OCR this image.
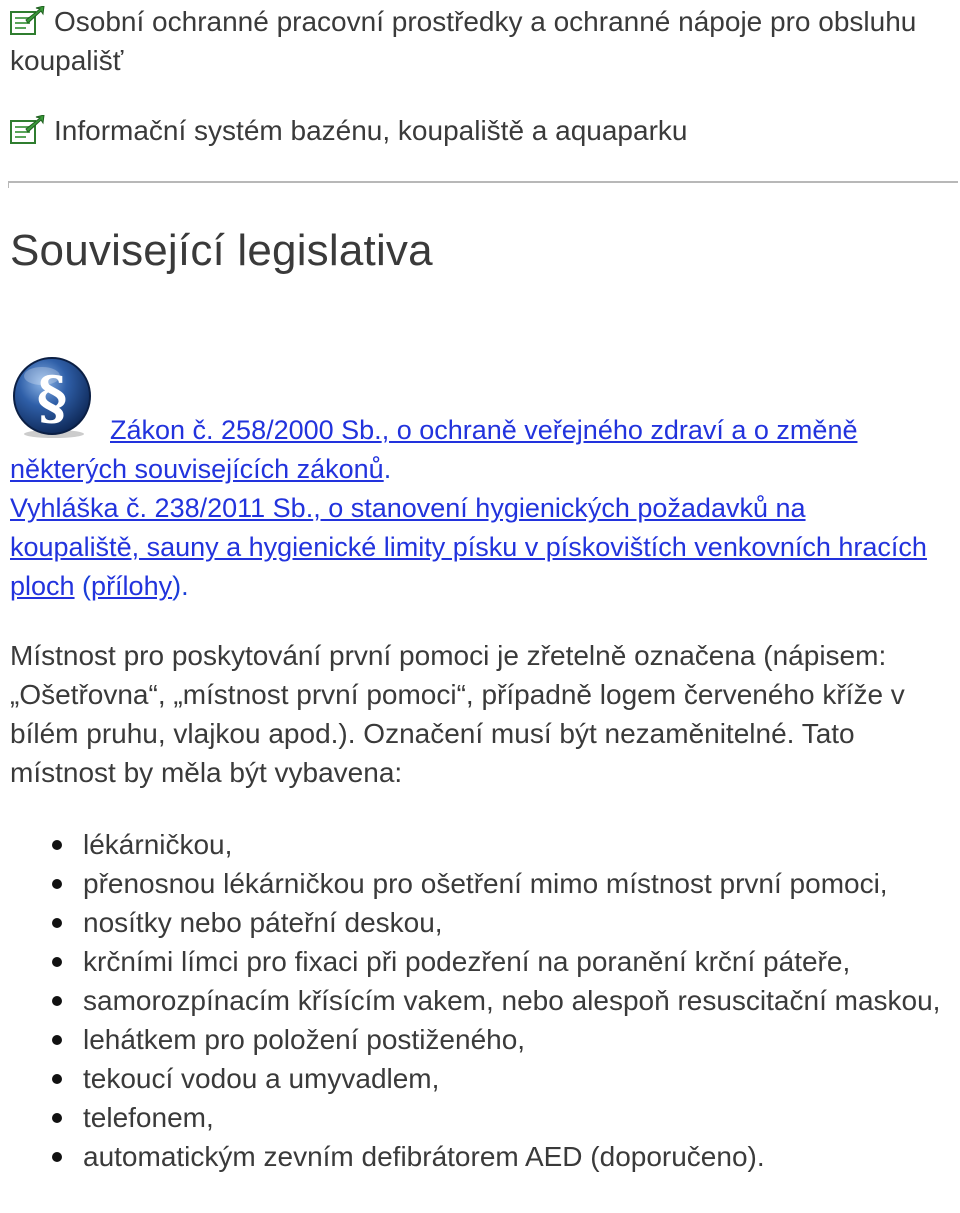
Osobní ochranné pracovní prostředky a ochranné nápoje pro obsluhu koupališť
Informační systém bazénu, koupaliště a aquaparku
Související legislativa
§	Zákon č. 258/2000 Sb., o ochraně veřejného zdraví a o změně některých souvisejících zákonů.
Vyhláška č. 238/2011 Sb., o stanovení hygienických požadavků na koupaliště, sauny a hygienické limity písku v pískovištích venkovních hracích ploch (přílohy).

Místnost pro poskytování první pomoci je zřetelně označena (nápisem: „Ošetřovna“, „místnost první pomoci“, případně logem červeného kříže v bílém pruhu, vlajkou apod.). Označení musí být nezaměnitelné. Tato místnost by měla být vybavena:

lékárničkou,
přenosnou lékárničkou pro ošetření mimo místnost první pomoci,
nosítky nebo páteřní deskou,
krčními límci pro fixaci při podezření na poranění krční páteře,
samorozpínacím křísícím vakem, nebo alespoň resuscitační maskou,
lehátkem pro položení postiženého,
tekoucí vodou a umyvadlem,
telefonem,
automatickým zevním defibrátorem AED (doporučeno).
